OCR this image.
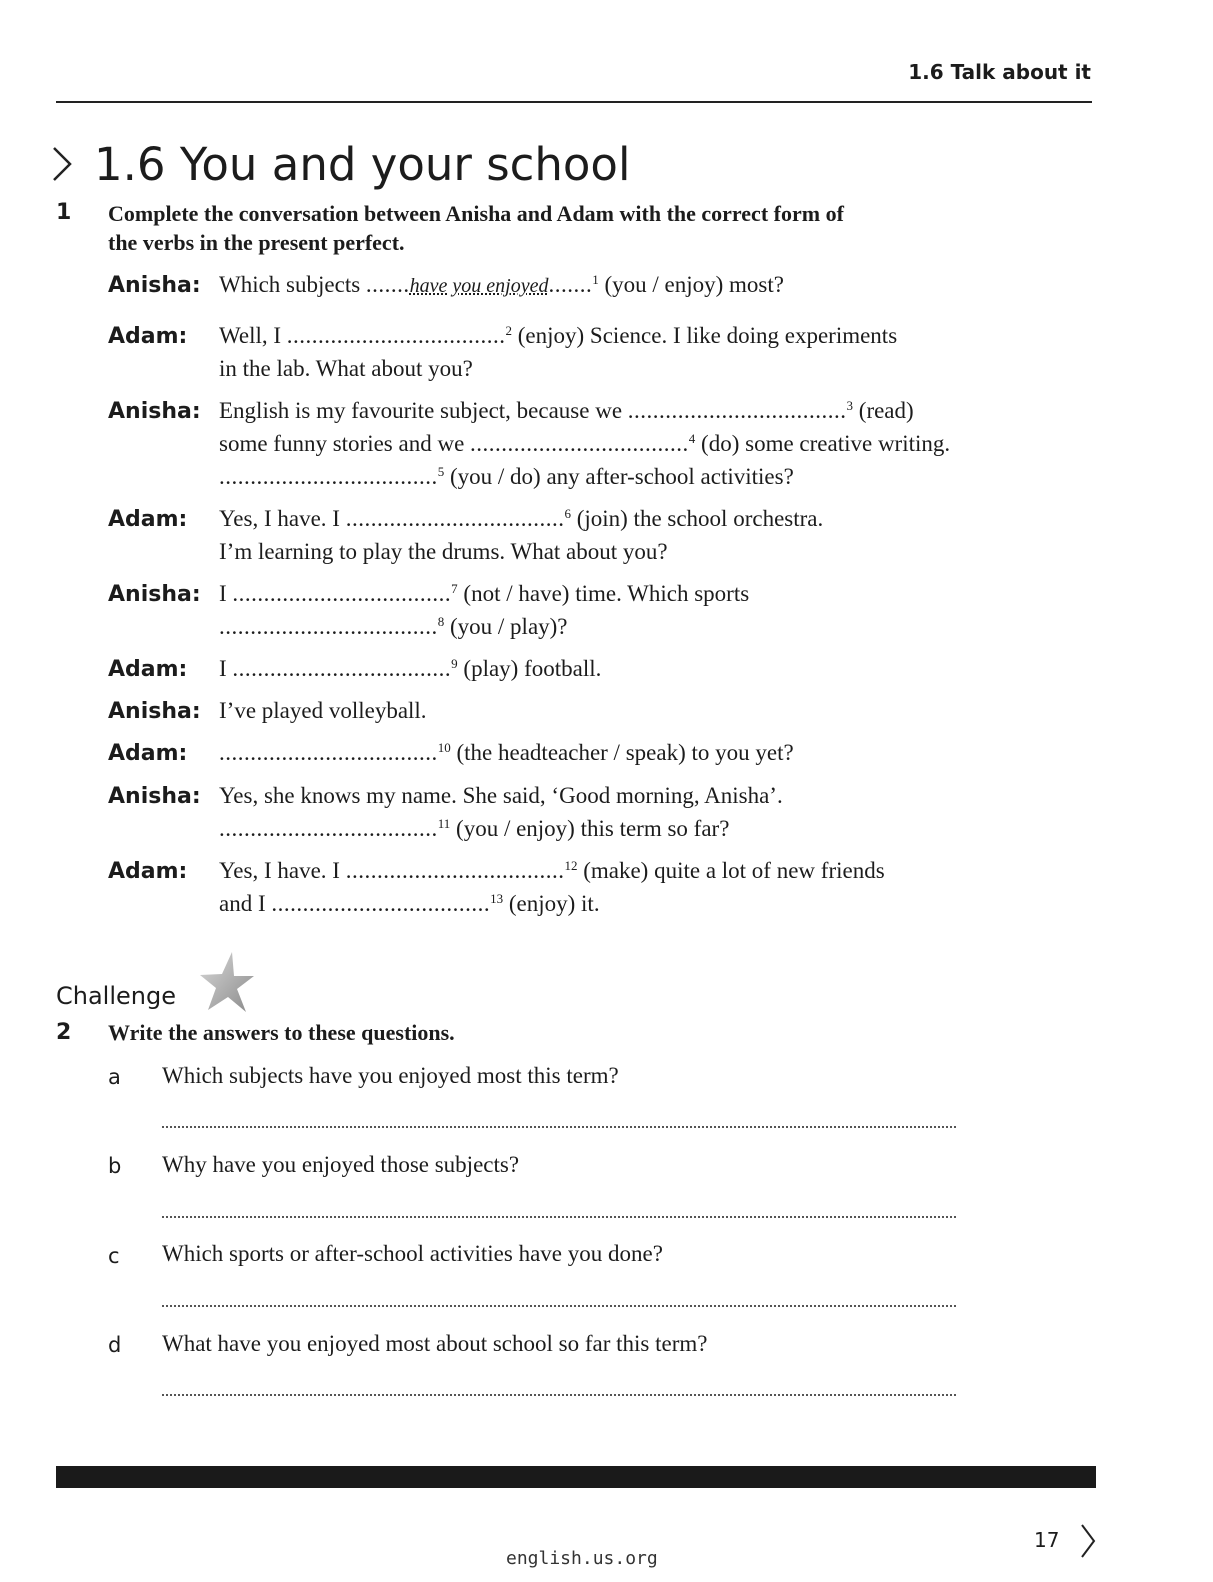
1.6 Talk about it
1.6 You and your school
1 Complete the conversation between Anisha and Adam with the correct form of
the verbs in the present perfect.
Anisha: Which subjects .......have you enjoyed.......$^1$ (you / enjoy) most?
Adam: Well, I ...................................$^2$ (enjoy) Science. I like doing experiments
in the lab. What about you?
Anisha: English is my favourite subject, because we ...................................$^3$ (read)
some funny stories and we ...................................$^4$ (do) some creative writing.
...................................$^5$ (you / do) any after-school activities?
Adam: Yes, I have. I ...................................$^6$ (join) the school orchestra.
I’m learning to play the drums. What about you?
Anisha: I ...................................$^7$ (not / have) time. Which sports
...................................$^8$ (you / play)?
Adam: I ...................................$^9$ (play) football.
Anisha: I’ve played volleyball.
Adam: ...................................$^{10}$ (the headteacher / speak) to you yet?
Anisha: Yes, she knows my name. She said, ‘Good morning, Anisha’.
...................................$^{11}$ (you / enjoy) this term so far?
Adam: Yes, I have. I ...................................$^{12}$ (make) quite a lot of new friends
and I ...................................$^{13}$ (enjoy) it.
Challenge
2 Write the answers to these questions.
a Which subjects have you enjoyed most this term?
b Why have you enjoyed those subjects?
c Which sports or after-school activities have you done?
d What have you enjoyed most about school so far this term?
17
english.us.org
